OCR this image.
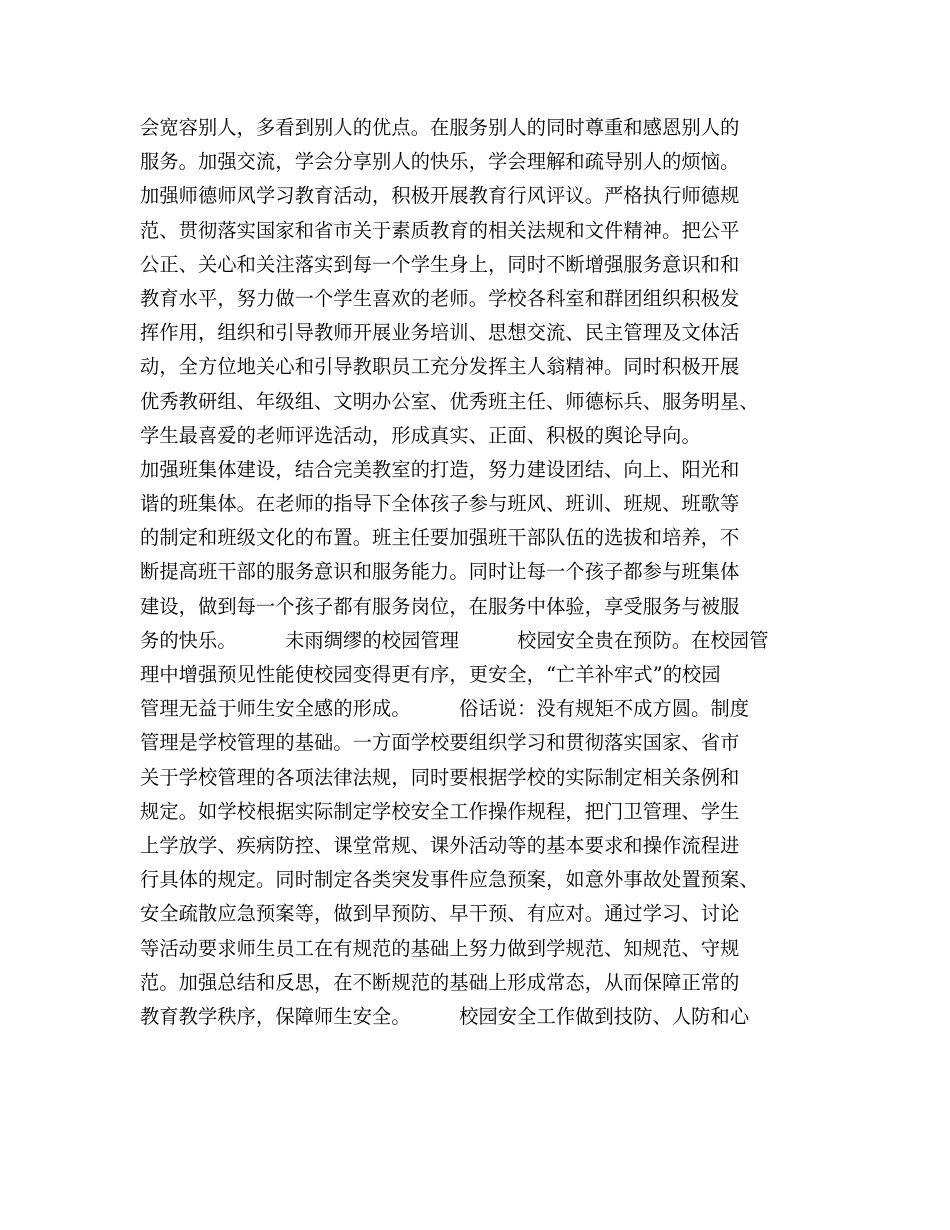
会宽容别人，多看到别人的优点。在服务别人的同时尊重和感恩别人的
服务。加强交流，学会分享别人的快乐，学会理解和疏导别人的烦恼。
加强师德师风学习教育活动，积极开展教育行风评议。严格执行师德规
范、贯彻落实国家和省市关于素质教育的相关法规和文件精神。把公平
公正、关心和关注落实到每一个学生身上，同时不断增强服务意识和和
教育水平，努力做一个学生喜欢的老师。学校各科室和群团组织积极发
挥作用，组织和引导教师开展业务培训、思想交流、民主管理及文体活
动，全方位地关心和引导教职员工充分发挥主人翁精神。同时积极开展
优秀教研组、年级组、文明办公室、优秀班主任、师德标兵、服务明星、
学生最喜爱的老师评选活动，形成真实、正面、积极的舆论导向。
加强班集体建设，结合完美教室的打造，努力建设团结、向上、阳光和
谐的班集体。在老师的指导下全体孩子参与班风、班训、班规、班歌等
的制定和班级文化的布置。班主任要加强班干部队伍的选拔和培养，不
断提高班干部的服务意识和服务能力。同时让每一个孩子都参与班集体
建设，做到每一个孩子都有服务岗位，在服务中体验，享受服务与被服
务的快乐。　　　未雨绸缪的校园管理　　　校园安全贵在预防。在校园管
理中增强预见性能使校园变得更有序，更安全，“亡羊补牢式”的校园
管理无益于师生安全感的形成。　　　俗话说：没有规矩不成方圆。制度
管理是学校管理的基础。一方面学校要组织学习和贯彻落实国家、省市
关于学校管理的各项法律法规，同时要根据学校的实际制定相关条例和
规定。如学校根据实际制定学校安全工作操作规程，把门卫管理、学生
上学放学、疾病防控、课堂常规、课外活动等的基本要求和操作流程进
行具体的规定。同时制定各类突发事件应急预案，如意外事故处置预案、
安全疏散应急预案等，做到早预防、早干预、有应对。通过学习、讨论
等活动要求师生员工在有规范的基础上努力做到学规范、知规范、守规
范。加强总结和反思，在不断规范的基础上形成常态，从而保障正常的
教育教学秩序，保障师生安全。　　　校园安全工作做到技防、人防和心
